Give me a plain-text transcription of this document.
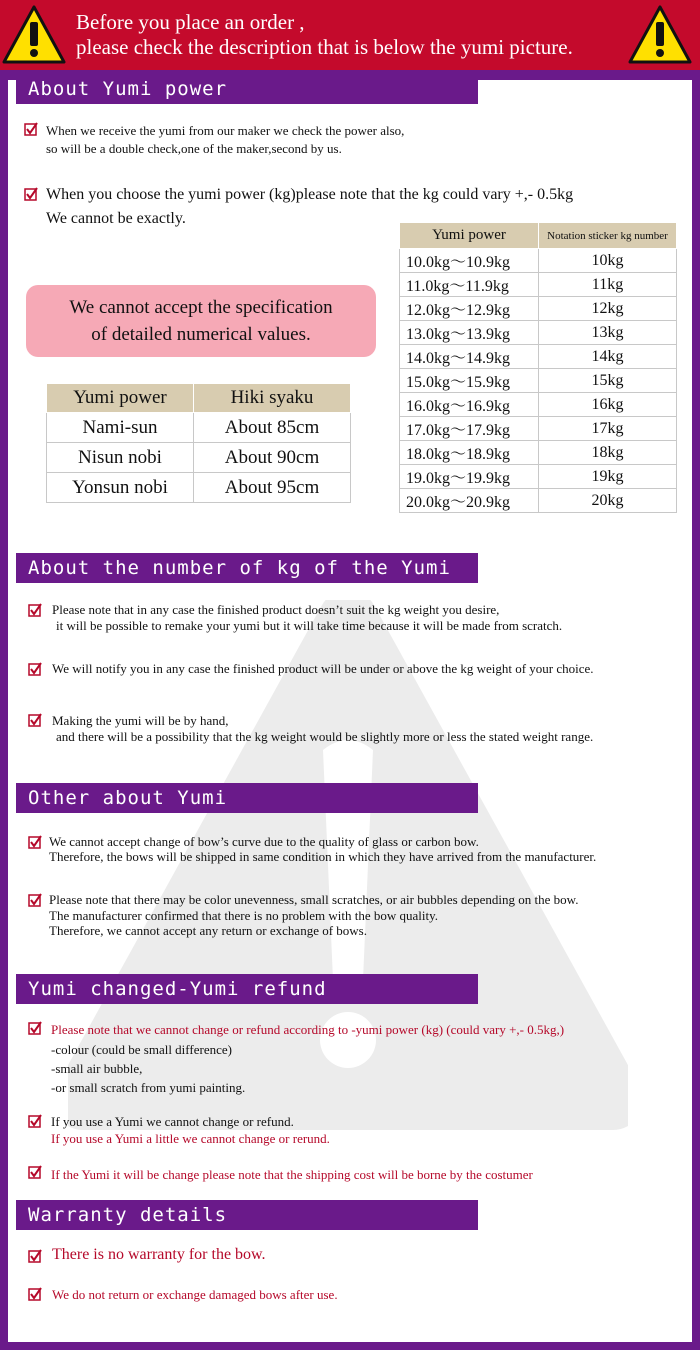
Before you place an order ,
please check the description that is below the yumi picture.
About Yumi power
When we receive the yumi from our maker we check the power also,
so will be a double check,one of the maker,second by us.
When you choose the yumi power (kg)please note that the kg could vary +,- 0.5kg
We cannot be exactly.
We cannot accept the specification
of detailed numerical values.
Yumi power	Notation sticker kg number
10.0kg〜10.9kg	10kg
11.0kg〜11.9kg	11kg
12.0kg〜12.9kg	12kg
13.0kg〜13.9kg	13kg
14.0kg〜14.9kg	14kg
15.0kg〜15.9kg	15kg
16.0kg〜16.9kg	16kg
17.0kg〜17.9kg	17kg
18.0kg〜18.9kg	18kg
19.0kg〜19.9kg	19kg
20.0kg〜20.9kg	20kg
Yumi power	Hiki syaku
Nami-sun	About 85cm
Nisun nobi	About 90cm
Yonsun nobi	About 95cm
About the number of kg of the Yumi
Please note that in any case the finished product doesn’t suit the kg weight you desire,
it will be possible to remake your yumi but it will take time because it will be made from scratch.
We will notify you in any case the finished product will be under or above the kg weight of your choice.
Making the yumi will be by hand,
and there will be a possibility that the kg weight would be slightly more or less the stated weight range.
Other about Yumi
We cannot accept change of bow’s curve due to the quality of glass or carbon bow.
Therefore, the bows will be shipped in same condition in which they have arrived from the manufacturer.
Please note that there may be color unevenness, small scratches, or air bubbles depending on the bow.
The manufacturer confirmed that there is no problem with the bow quality.
Therefore, we cannot accept any return or exchange of bows.
Yumi changed-Yumi refund
Please note that we cannot change or refund according to -yumi power (kg) (could vary +,- 0.5kg,)
-colour (could be small difference)
-small air bubble,
-or small scratch from yumi painting.
If you use a Yumi we cannot change or refund.
If you use a Yumi a little we cannot change or rerund.
If the Yumi it will be change please note that the shipping cost will be borne by the costumer
Warranty details
There is no warranty for the bow.
We do not return or exchange damaged bows after use.
